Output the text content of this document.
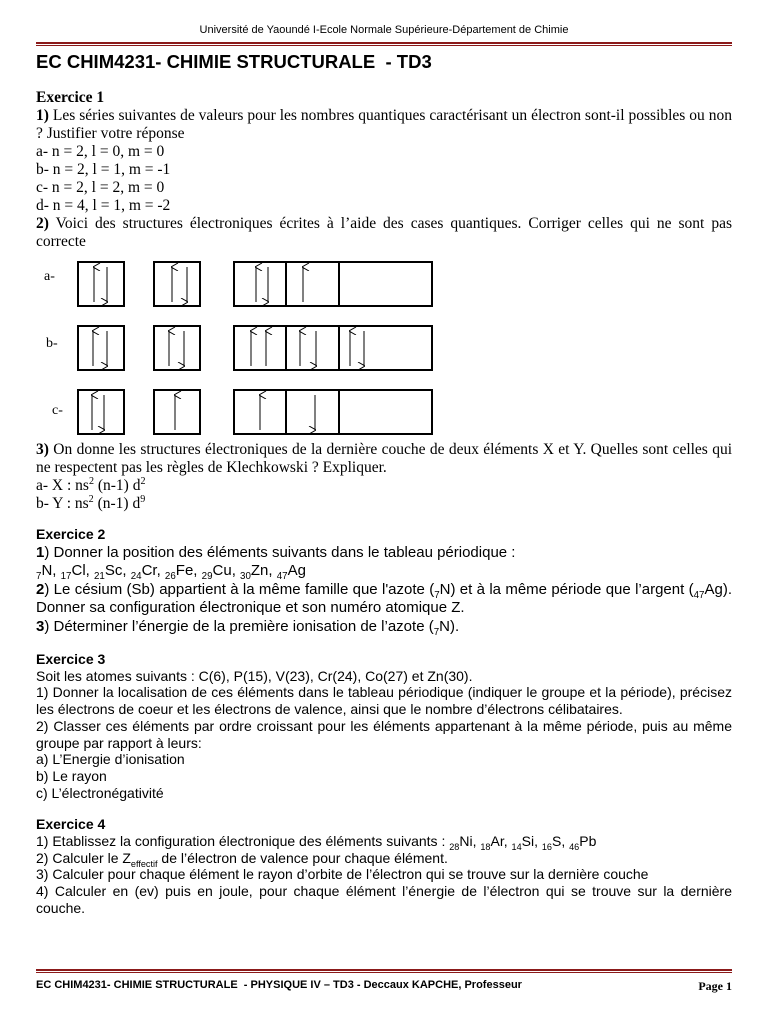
Université de Yaoundé I-Ecole Normale Supérieure-Département de Chimie
EC CHIM4231- CHIMIE STRUCTURALE  - TD3

Exercice 1

1) Les séries suivantes de valeurs pour les nombres quantiques caractérisant un électron sont-il possibles ou non ? Justifier votre réponse

a- n = 2, l = 0, m = 0

b- n = 2, l = 1, m = -1

c- n = 2, l = 2, m = 0

d- n = 4, l = 1, m = -2

2) Voici des structures électroniques écrites à l’aide des cases quantiques. Corriger celles qui ne sont pas correcte

a-
b-
c-

3) On donne les structures électroniques de la dernière couche de deux éléments X et Y. Quelles sont celles qui ne respectent pas les règles de Klechkowski ? Expliquer.

a- X : $ns^2$ (n-1) $d^2$

b- Y : $ns^2$ (n-1) $d^9$

Exercice 2

1) Donner la position des éléments suivants dans le tableau périodique :

$_7$N, $_{17}$Cl, $_{21}$Sc, $_{24}$Cr, $_{26}$Fe, $_{29}$Cu, $_{30}$Zn, $_{47}$Ag

2) Le césium (Sb) appartient à la même famille que l'azote $(_7N)$ et à la même période que l’argent $(_{47}Ag)$. Donner sa configuration électronique et son numéro atomique Z.

3) Déterminer l’énergie de la première ionisation de l’azote $(_7N)$.

Exercice 3

Soit les atomes suivants : C(6), P(15), V(23), Cr(24), Co(27) et Zn(30).

1) Donner la localisation de ces éléments dans le tableau périodique (indiquer le groupe et la période), précisez les électrons de coeur et les électrons de valence, ainsi que le nombre d’électrons célibataires.

2) Classer ces éléments par ordre croissant pour les éléments appartenant à la même période, puis au même groupe par rapport à leurs:

a) L’Energie d’ionisation

b) Le rayon

c) L’électronégativité

Exercice 4

1) Etablissez la configuration électronique des éléments suivants : $_{28}$Ni, $_{18}$Ar, $_{14}$Si, $_{16}$S, $_{46}$Pb

2) Calculer le $Z_{effectif}$ de l’électron de valence pour chaque élément.

3) Calculer pour chaque élément le rayon d’orbite de l’électron qui se trouve sur la dernière couche

4) Calculer en (ev) puis en joule, pour chaque élément l’énergie de l’électron qui se trouve sur la dernière couche.

EC CHIM4231- CHIMIE STRUCTURALE  - PHYSIQUE IV – TD3 - Deccaux KAPCHE, Professeur	Page 1
